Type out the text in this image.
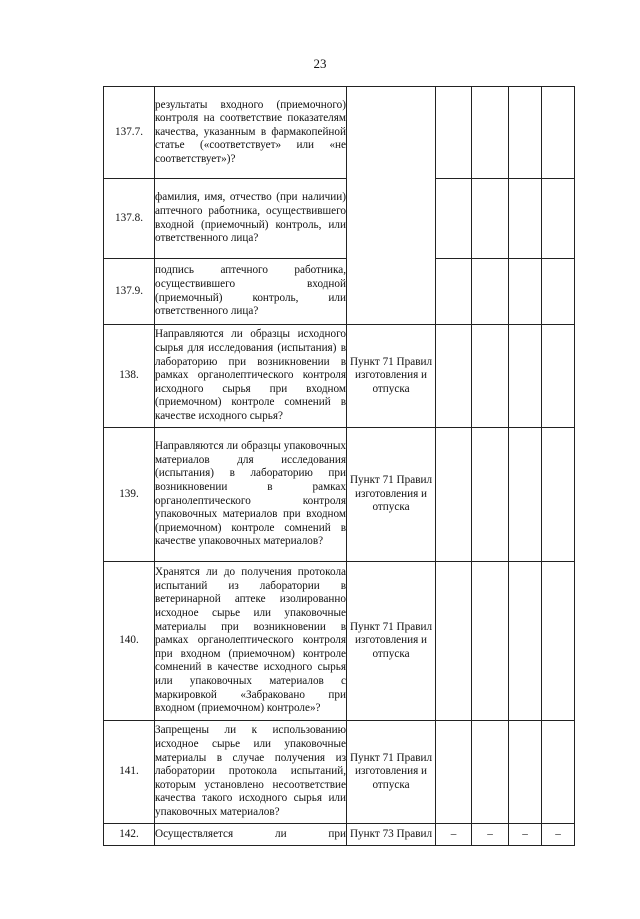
23
137.7.	результаты входного (приемочного) контроля на соответствие показателям качества, указанным в фармакопейной статье («соответствует» или «не соответствует»)?					
137.8.	фамилия, имя, отчество (при наличии) аптечного работника, осуществившего входной (приемочный) контроль, или ответственного лица?					
137.9.	подпись аптечного работника, осуществившего входной (приемочный) контроль, или ответственного лица?					
138.	Направляются ли образцы исходного сырья для исследования (испытания) в лабораторию при возникновении в рамках органолептического контроля исходного сырья при входном (приемочном) контроле сомнений в качестве исходного сырья?	Пункт 71 Правил изготовления и отпуска				
139.	Направляются ли образцы упаковочных материалов для исследования (испытания) в лабораторию при возникновении в рамках органолептического контроля упаковочных материалов при входном (приемочном) контроле сомнений в качестве упаковочных материалов?	Пункт 71 Правил изготовления и отпуска				
140.	Хранятся ли до получения протокола испытаний из лаборатории в ветеринарной аптеке изолированно исходное сырье или упаковочные материалы при возникновении в рамках органолептического контроля при входном (приемочном) контроле сомнений в качестве исходного сырья или упаковочных материалов с маркировкой «Забраковано при входном (приемочном) контроле»?	Пункт 71 Правил изготовления и отпуска				
141.	Запрещены ли к использованию исходное сырье или упаковочные материалы в случае получения из лаборатории протокола испытаний, которым установлено несоответствие качества такого исходного сырья или упаковочных материалов?	Пункт 71 Правил изготовления и отпуска				
142.	Осуществляется ли при	Пункт 73 Правил	–	–	–	–
